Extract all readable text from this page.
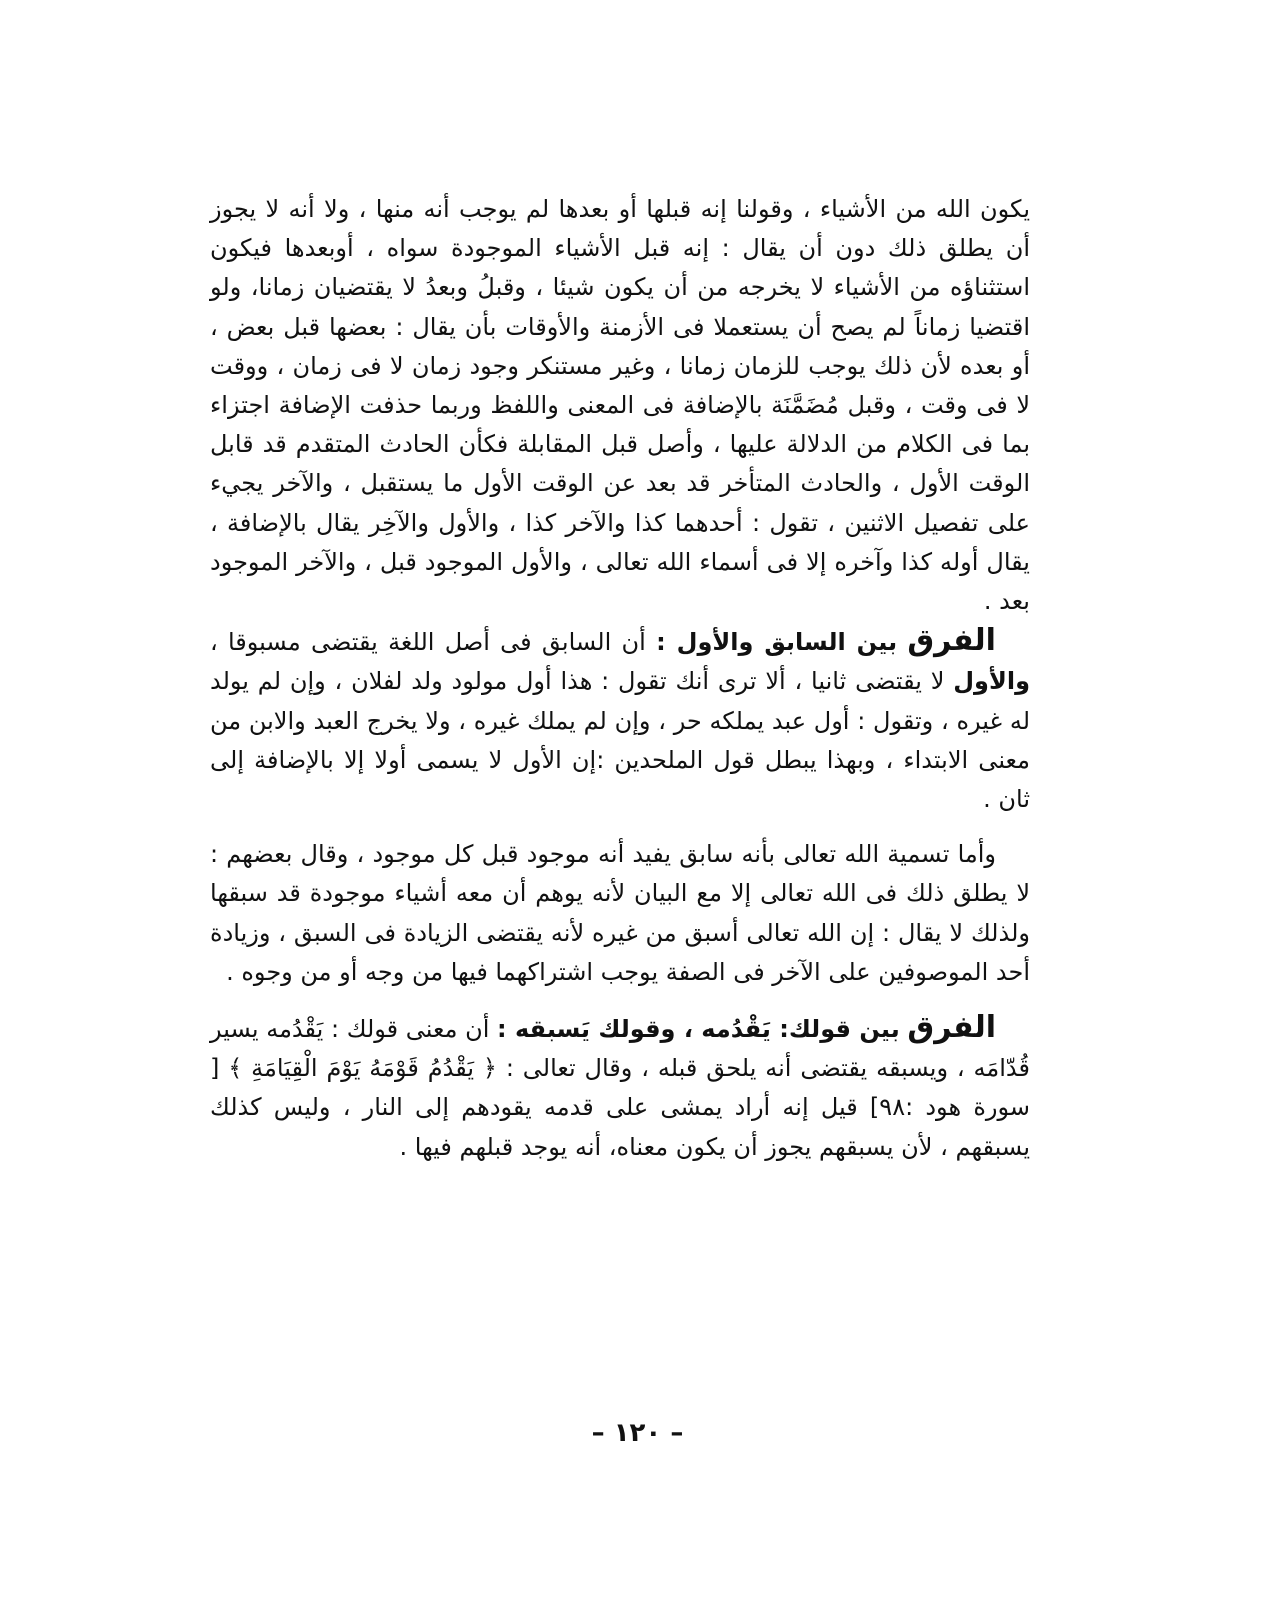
يكون الله من الأشياء ، وقولنا إنه قبلها أو بعدها لم يوجب أنه منها ، ولا أنه لا يجوز أن يطلق ذلك دون أن يقال : إنه قبل الأشياء الموجودة سواه ، أوبعدها فيكون استثناؤه من الأشياء لا يخرجه من أن يكون شيئا ، وقبلُ وبعدُ لا يقتضيان زمانا، ولو اقتضيا زماناً لم يصح أن يستعملا فى الأزمنة والأوقات بأن يقال : بعضها قبل بعض ، أو بعده لأن ذلك يوجب للزمان زمانا ، وغير مستنكر وجود زمان لا فى زمان ، ووقت لا فى وقت ، وقبل مُضَمَّنَة بالإضافة فى المعنى واللفظ وربما حذفت الإضافة اجتزاء بما فى الكلام من الدلالة عليها ، وأصل قبل المقابلة فكأن الحادث المتقدم قد قابل الوقت الأول ، والحادث المتأخر قد بعد عن الوقت الأول ما يستقبل ، والآخر يجيء على تفصيل الاثنين ، تقول : أحدهما كذا والآخر كذا ، والأول والآخِر يقال بالإضافة ، يقال أوله كذا وآخره إلا فى أسماء الله تعالى ، والأول الموجود قبل ، والآخر الموجود بعد .

الفرق بين السابق والأول : أن السابق فى أصل اللغة يقتضى مسبوقا ، والأول لا يقتضى ثانيا ، ألا ترى أنك تقول : هذا أول مولود ولد لفلان ، وإن لم يولد له غيره ، وتقول : أول عبد يملكه حر ، وإن لم يملك غيره ، ولا يخرج العبد والابن من معنى الابتداء ، وبهذا يبطل قول الملحدين :إن الأول لا يسمى أولا إلا بالإضافة إلى ثان .

وأما تسمية الله تعالى بأنه سابق يفيد أنه موجود قبل كل موجود ، وقال بعضهم : لا يطلق ذلك فى الله تعالى إلا مع البيان لأنه يوهم أن معه أشياء موجودة قد سبقها ولذلك لا يقال : إن الله تعالى أسبق من غيره لأنه يقتضى الزيادة فى السبق ، وزيادة أحد الموصوفين على الآخر فى الصفة يوجب اشتراكهما فيها من وجه أو من وجوه .

الفرق بين قولك: يَقْدُمه ، وقولك يَسبقه : أن معنى قولك : يَقْدُمه يسير قُدّامَه ، ويسبقه يقتضى أنه يلحق قبله ، وقال تعالى : ﴿ يَقْدُمُ قَوْمَهُ يَوْمَ الْقِيَامَةِ ﴾ [ سورة هود :٩٨] قيل إنه أراد يمشى على قدمه يقودهم إلى النار ، وليس كذلك يسبقهم ، لأن يسبقهم يجوز أن يكون معناه، أنه يوجد قبلهم فيها .

– ١٢٠ –
